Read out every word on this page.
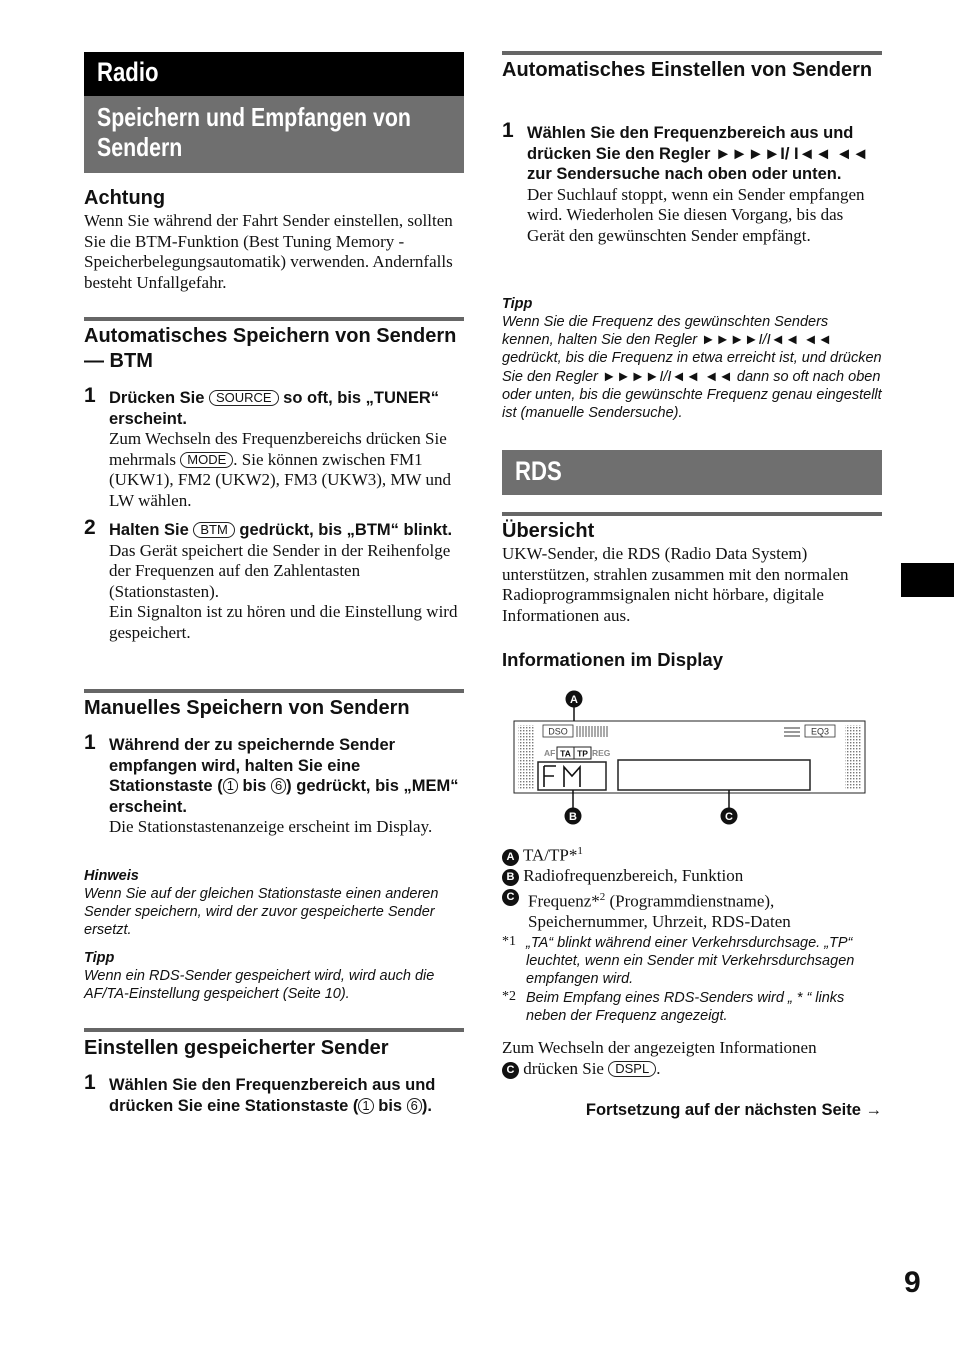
Radio
Speichern und Empfangen von Sendern
Achtung

Wenn Sie während der Fahrt Sender einstellen, sollten Sie die BTM-Funktion (Best Tuning Memory - Speicherbelegungsautomatik) verwenden. Andernfalls besteht Unfallgefahr.

Automatisches Speichern von Sendern — BTM
1 Drücken Sie SOURCE so oft, bis „TUNER“ erscheint.

Zum Wechseln des Frequenzbereichs drücken Sie mehrmals MODE . Sie können zwischen FM1 (UKW1), FM2 (UKW2), FM3 (UKW3), MW und LW wählen.

2 Halten Sie BTM gedrückt, bis „BTM“ blinkt.

Das Gerät speichert die Sender in der Reihenfolge der Frequenzen auf den Zahlentasten (Stationstasten).

Ein Signalton ist zu hören und die Einstellung wird gespeichert.

Manuelles Speichern von Sendern
1 Während der zu speichernde Sender empfangen wird, halten Sie eine Stationstaste ( 1 bis 6 ) gedrückt, bis „MEM“ erscheint.

Die Stationstastenanzeige erscheint im Display.

Hinweis
Wenn Sie auf der gleichen Stationstaste einen anderen Sender speichern, wird der zuvor gespeicherte Sender ersetzt.
Tipp
Wenn ein RDS-Sender gespeichert wird, wird auch die AF/TA-Einstellung gespeichert (Seite 10).
Einstellen gespeicherter Sender
1 Wählen Sie den Frequenzbereich aus und drücken Sie eine Stationstaste ( 1 bis 6 ).
Automatisches Einstellen von Sendern
1 Wählen Sie den Frequenzbereich aus und drücken Sie den Regler ►►►►I/ I◄◄ ◄◄ zur Sendersuche nach oben oder unten.

Der Suchlauf stoppt, wenn ein Sender empfangen wird. Wiederholen Sie diesen Vorgang, bis das Gerät den gewünschten Sender empfängt.

Tipp
Wenn Sie die Frequenz des gewünschten Senders kennen, halten Sie den Regler ►►►►I/I◄◄ ◄◄ gedrückt, bis die Frequenz in etwa erreicht ist, und drücken Sie den Regler ►►►►I/I◄◄ ◄◄ dann so oft nach oben oder unten, bis die gewünschte Frequenz genau eingestellt ist (manuelle Sendersuche).
RDS
Übersicht

UKW-Sender, die RDS (Radio Data System) unterstützen, strahlen zusammen mit den normalen Radioprogrammsignalen nicht hörbare, digitale Informationen aus.

Informationen im Display
A
DSO	EQ3
AF TA TP REG
B	C

A TA/TP*$^1$

B Radiofrequenzbereich, Funktion

C Frequenz*$^2$ (Programmdienstname), Speichernummer, Uhrzeit, RDS-Daten

*1 „TA“ blinkt während einer Verkehrsdurchsage. „TP“ leuchtet, wenn ein Sender mit Verkehrsdurchsagen empfangen wird.
*2 Beim Empfang eines RDS-Senders wird „ * “ links neben der Frequenz angezeigt.

Zum Wechseln der angezeigten Informationen

C drücken Sie DSPL .

Fortsetzung auf der nächsten Seite →
9
